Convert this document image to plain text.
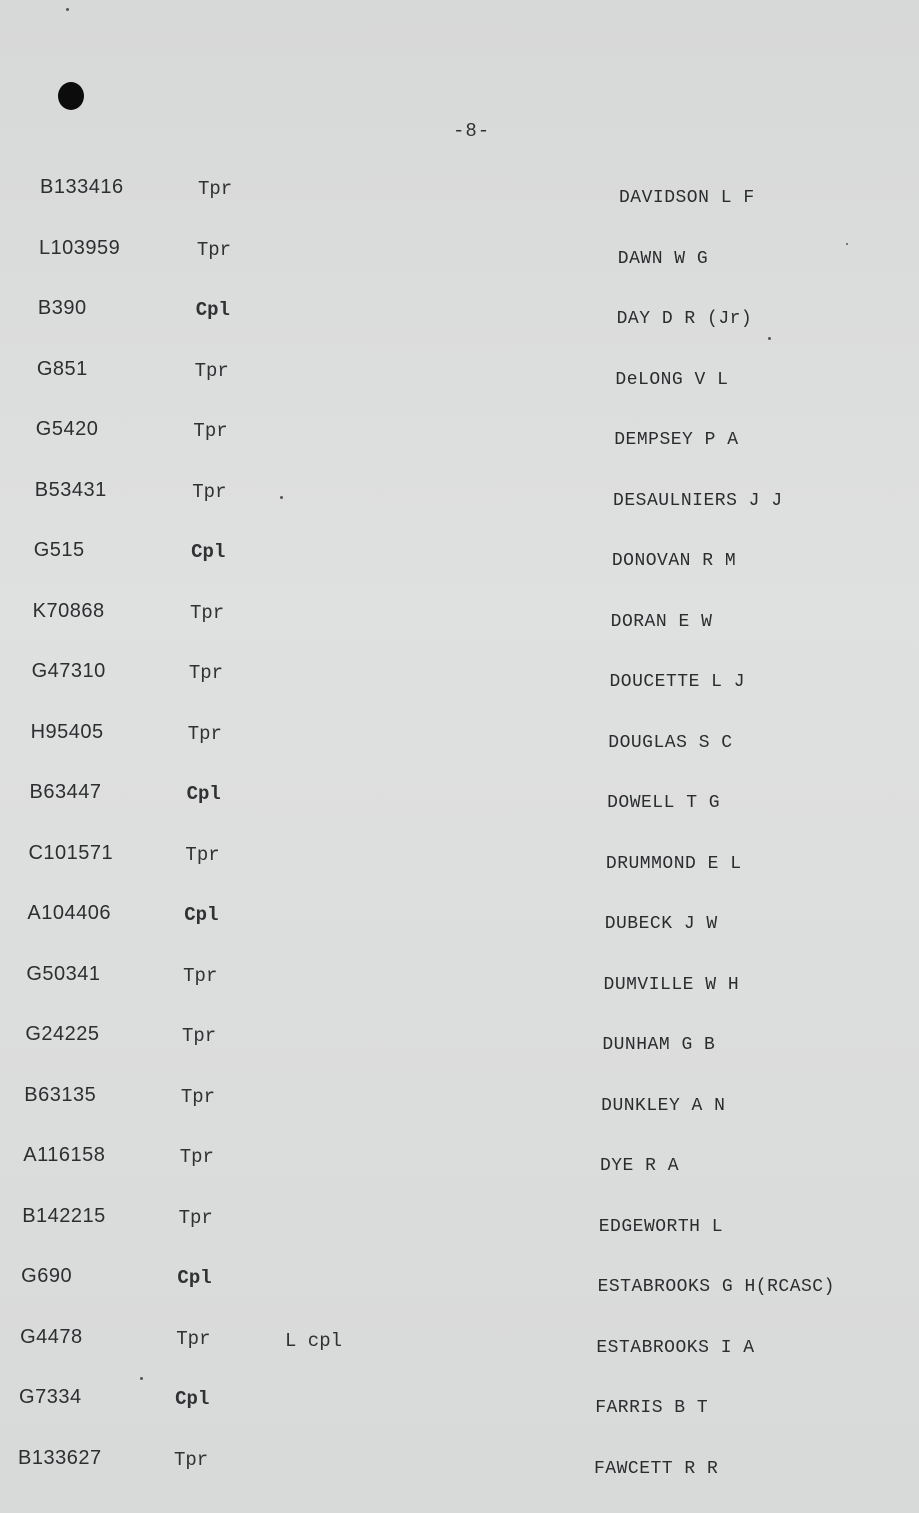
-8-
B133416	Tpr	DAVIDSON L F
L103959	Tpr	DAWN W G
B390	Cpl	DAY D R (Jr)
G851	Tpr	DeLONG V L
G5420	Tpr	DEMPSEY P A
B53431	Tpr	DESAULNIERS J J
G515	Cpl	DONOVAN R M
K70868	Tpr	DORAN E W
G47310	Tpr	DOUCETTE L J
H95405	Tpr	DOUGLAS S C
B63447	Cpl	DOWELL T G
C101571	Tpr	DRUMMOND E L
A104406	Cpl	DUBECK J W
G50341	Tpr	DUMVILLE W H
G24225	Tpr	DUNHAM G B
B63135	Tpr	DUNKLEY A N
A116158	Tpr	DYE R A
B142215	Tpr	EDGEWORTH L
G690	Cpl	ESTABROOKS G H(RCASC)
G4478	Tpr	L cpl	ESTABROOKS I A
G7334	Cpl	FARRIS B T
B133627	Tpr	FAWCETT R R
